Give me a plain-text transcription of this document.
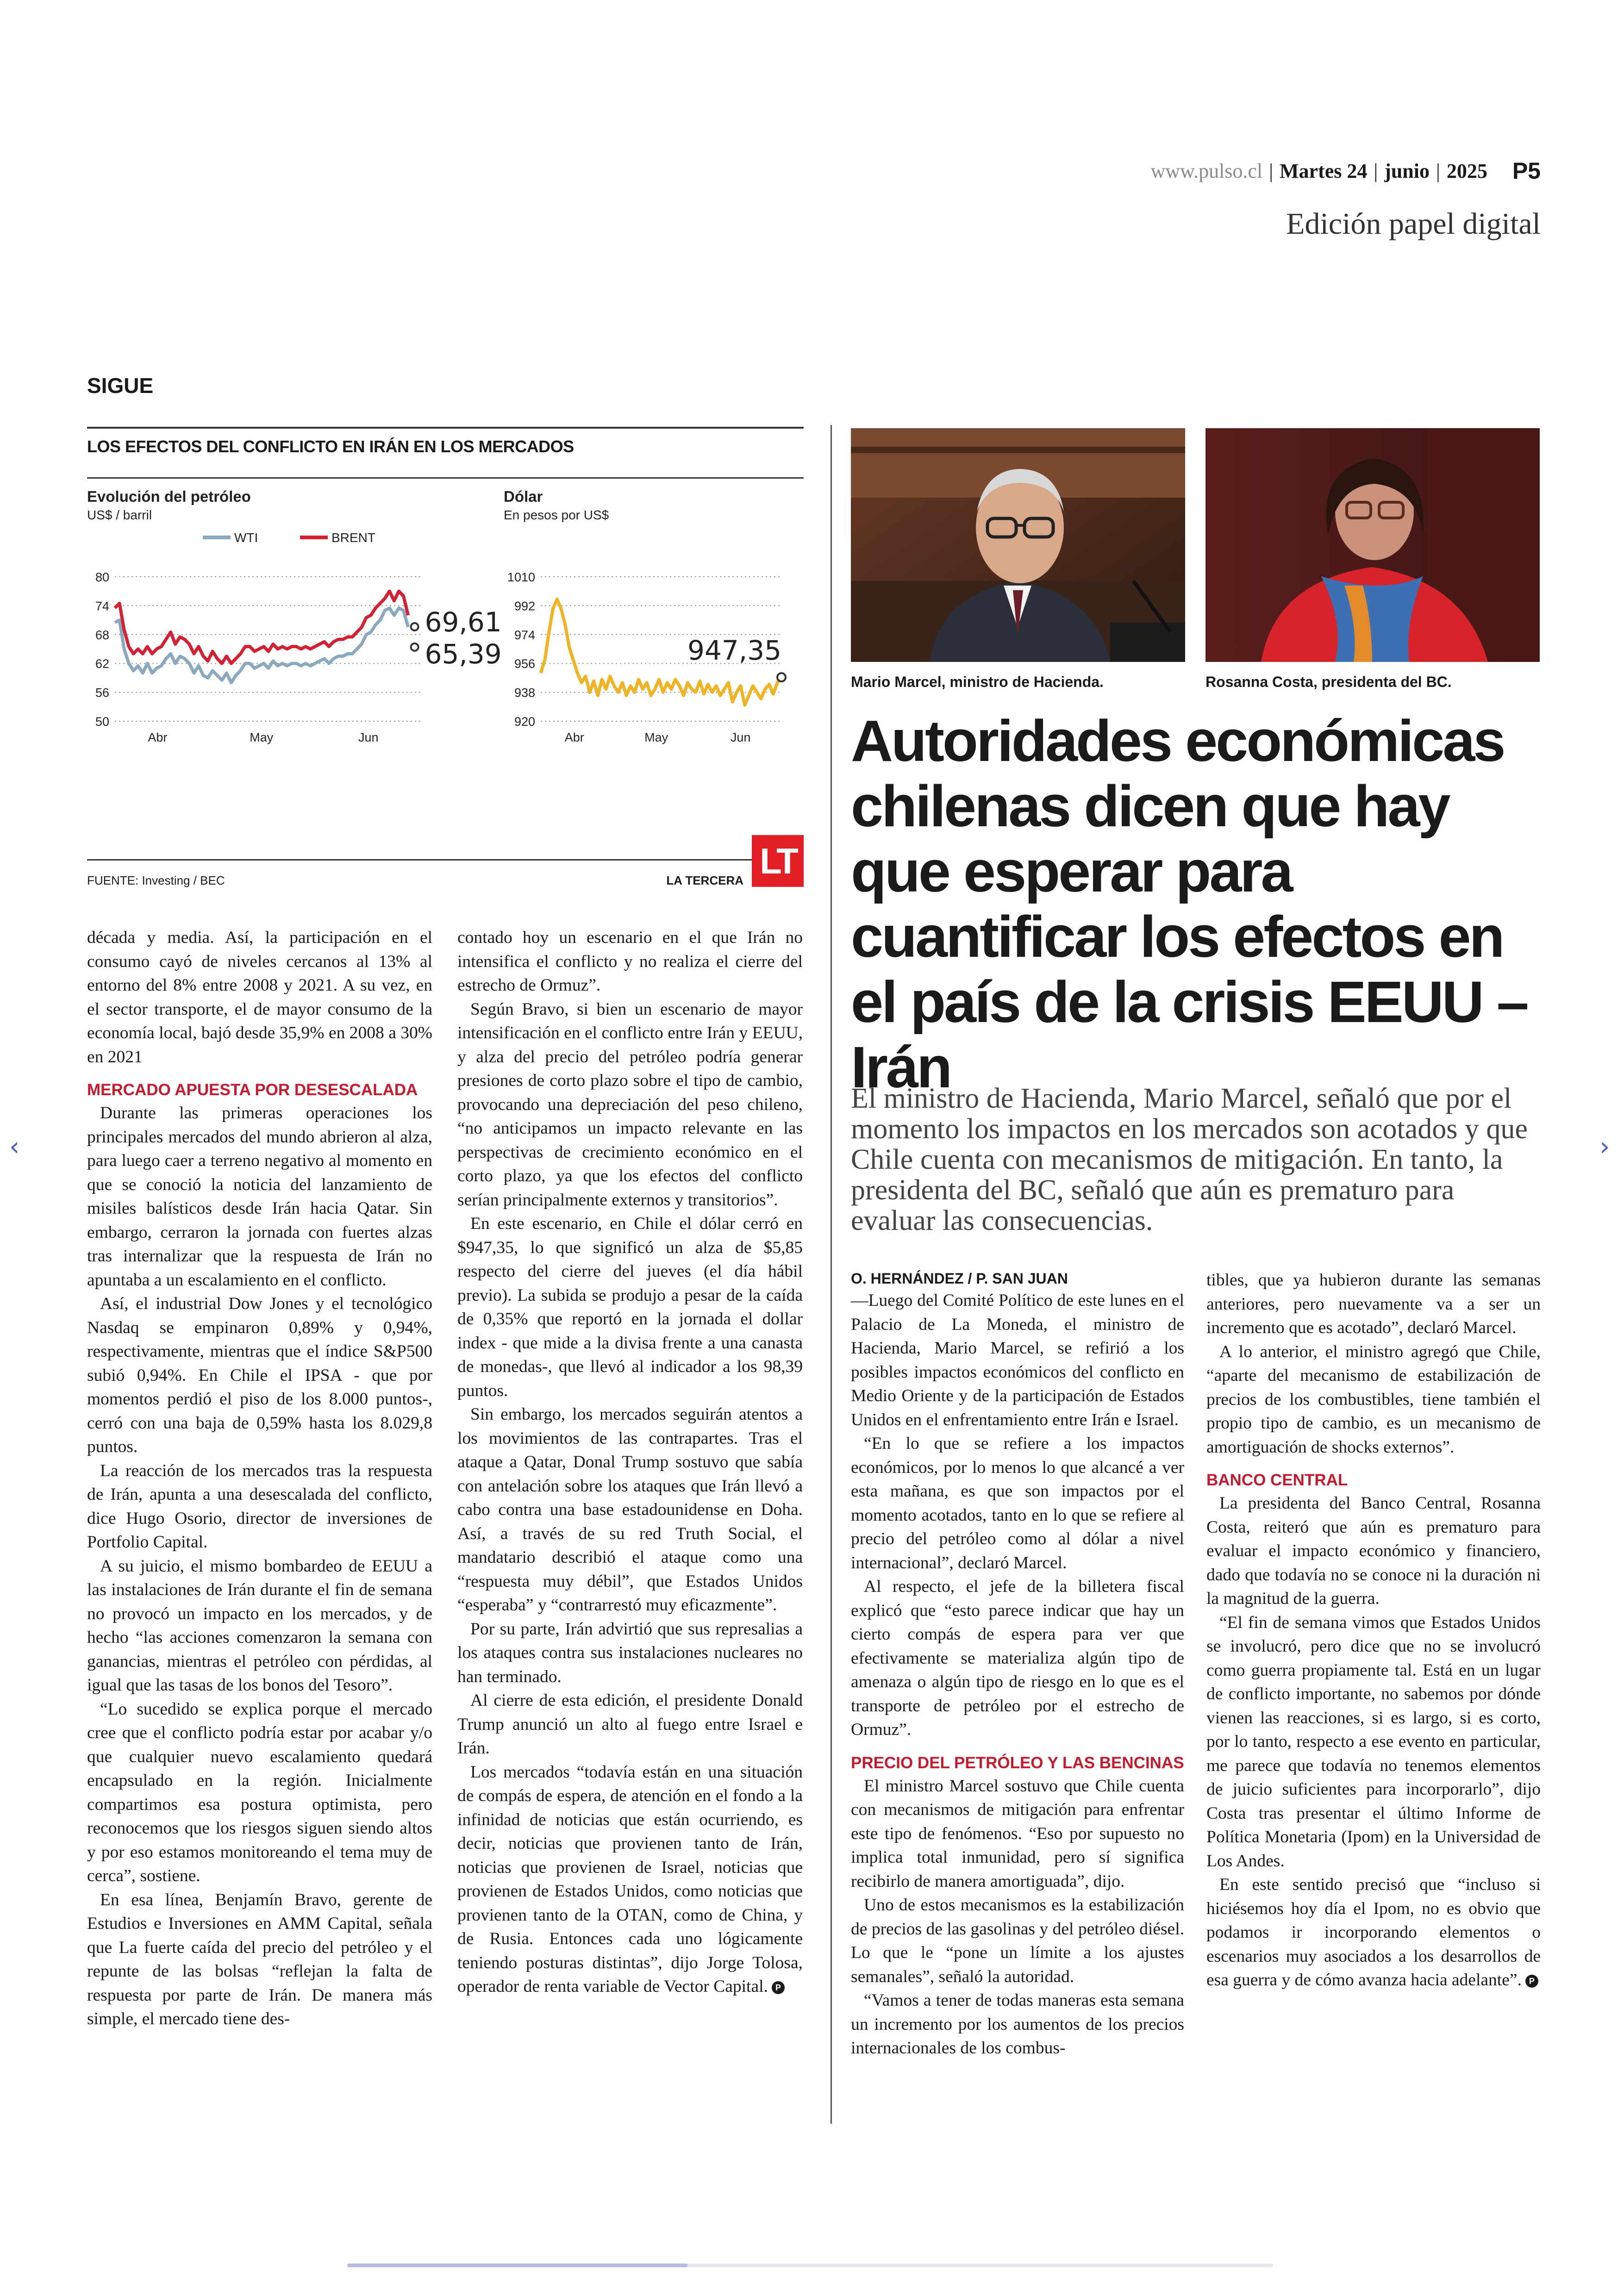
www.pulso.cl | Martes 24 | junio | 2025 P5
Edición papel digital
SIGUE
LOS EFECTOS DEL CONFLICTO EN IRÁN EN LOS MERCADOS
Evolución del petróleo
US$ / barril
50
56
62
68
74
80
Abr	May	Jun
65,39
69,61
WTI	BRENT
Dólar
En pesos por US$
920
938
956
974
992
1010
Abr	May	Jun
947,35
FUENTE: Investing / BEC	LA TERCERA LT

década y media. Así, la participación en el consumo cayó de niveles cercanos al 13% al entorno del 8% entre 2008 y 2021. A su vez, en el sector transporte, el de mayor consumo de la economía local, bajó desde 35,9% en 2008 a 30% en 2021

MERCADO APUESTA POR DESESCALADA

Durante las primeras operaciones los principales mercados del mundo abrieron al alza, para luego caer a terreno negativo al momento en que se conoció la noticia del lanzamiento de misiles balísticos desde Irán hacia Qatar. Sin embargo, cerraron la jornada con fuertes alzas tras internalizar que la respuesta de Irán no apuntaba a un escalamiento en el conflicto.

Así, el industrial Dow Jones y el tecnológico Nasdaq se empinaron 0,89% y 0,94%, respectivamente, mientras que el índice S&P500 subió 0,94%. En Chile el IPSA - que por momentos perdió el piso de los 8.000 puntos-, cerró con una baja de 0,59% hasta los 8.029,8 puntos.

La reacción de los mercados tras la respuesta de Irán, apunta a una desescalada del conflicto, dice Hugo Osorio, director de inversiones de Portfolio Capital.

A su juicio, el mismo bombardeo de EEUU a las instalaciones de Irán durante el fin de semana no provocó un impacto en los mercados, y de hecho “las acciones comenzaron la semana con ganancias, mientras el petróleo con pérdidas, al igual que las tasas de los bonos del Tesoro”.

“Lo sucedido se explica porque el mercado cree que el conflicto podría estar por acabar y/o que cualquier nuevo escalamiento quedará encapsulado en la región. Inicialmente compartimos esa postura optimista, pero reconocemos que los riesgos siguen siendo altos y por eso estamos monitoreando el tema muy de cerca”, sostiene.

En esa línea, Benjamín Bravo, gerente de Estudios e Inversiones en AMM Capital, señala que La fuerte caída del precio del petróleo y el repunte de las bolsas “reflejan la falta de respuesta por parte de Irán. De manera más simple, el mercado tiene des-

contado hoy un escenario en el que Irán no intensifica el conflicto y no realiza el cierre del estrecho de Ormuz”.

Según Bravo, si bien un escenario de mayor intensificación en el conflicto entre Irán y EEUU, y alza del precio del petróleo podría generar presiones de corto plazo sobre el tipo de cambio, provocando una depreciación del peso chileno, “no anticipamos un impacto relevante en las perspectivas de crecimiento económico en el corto plazo, ya que los efectos del conflicto serían principalmente externos y transitorios”.

En este escenario, en Chile el dólar cerró en $947,35, lo que significó un alza de $5,85 respecto del cierre del jueves (el día hábil previo). La subida se produjo a pesar de la caída de 0,35% que reportó en la jornada el dollar index - que mide a la divisa frente a una canasta de monedas-, que llevó al indicador a los 98,39 puntos.

Sin embargo, los mercados seguirán atentos a los movimientos de las contrapartes. Tras el ataque a Qatar, Donal Trump sostuvo que sabía con antelación sobre los ataques que Irán llevó a cabo contra una base estadounidense en Doha. Así, a través de su red Truth Social, el mandatario describió el ataque como una “respuesta muy débil”, que Estados Unidos “esperaba” y “contrarrestó muy eficazmente”.

Por su parte, Irán advirtió que sus represalias a los ataques contra sus instalaciones nucleares no han terminado.

Al cierre de esta edición, el presidente Donald Trump anunció un alto al fuego entre Israel e Irán.

Los mercados “todavía están en una situación de compás de espera, de atención en el fondo a la infinidad de noticias que están ocurriendo, es decir, noticias que provienen tanto de Irán, noticias que provienen de Israel, noticias que provienen de Estados Unidos, como noticias que provienen tanto de la OTAN, como de China, y de Rusia. Entonces cada uno lógicamente teniendo posturas distintas”, dijo Jorge Tolosa, operador de renta variable de Vector Capital. P

Mario Marcel, ministro de Hacienda.	Rosanna Costa, presidenta del BC.
Autoridades económicas chilenas dicen que hay que esperar para cuantificar los efectos en el país de la crisis EEUU – Irán
El ministro de Hacienda, Mario Marcel, señaló que por el momento los impactos en los mercados son acotados y que Chile cuenta con mecanismos de mitigación. En tanto, la presidenta del BC, señaló que aún es prematuro para evaluar las consecuencias.
O. HERNÁNDEZ / P. SAN JUAN

—Luego del Comité Político de este lunes en el Palacio de La Moneda, el ministro de Hacienda, Mario Marcel, se refirió a los posibles impactos económicos del conflicto en Medio Oriente y de la participación de Estados Unidos en el enfrentamiento entre Irán e Israel.

“En lo que se refiere a los impactos económicos, por lo menos lo que alcancé a ver esta mañana, es que son impactos por el momento acotados, tanto en lo que se refiere al precio del petróleo como al dólar a nivel internacional”, declaró Marcel.

Al respecto, el jefe de la billetera fiscal explicó que “esto parece indicar que hay un cierto compás de espera para ver que efectivamente se materializa algún tipo de amenaza o algún tipo de riesgo en lo que es el transporte de petróleo por el estrecho de Ormuz”.

PRECIO DEL PETRÓLEO Y LAS BENCINAS

El ministro Marcel sostuvo que Chile cuenta con mecanismos de mitigación para enfrentar este tipo de fenómenos. “Eso por supuesto no implica total inmunidad, pero sí significa recibirlo de manera amortiguada”, dijo.

Uno de estos mecanismos es la estabilización de precios de las gasolinas y del petróleo diésel. Lo que le “pone un límite a los ajustes semanales”, señaló la autoridad.

“Vamos a tener de todas maneras esta semana un incremento por los aumentos de los precios internacionales de los combus-

tibles, que ya hubieron durante las semanas anteriores, pero nuevamente va a ser un incremento que es acotado”, declaró Marcel.

A lo anterior, el ministro agregó que Chile, “aparte del mecanismo de estabilización de precios de los combustibles, tiene también el propio tipo de cambio, es un mecanismo de amortiguación de shocks externos”.

BANCO CENTRAL

La presidenta del Banco Central, Rosanna Costa, reiteró que aún es prematuro para evaluar el impacto económico y financiero, dado que todavía no se conoce ni la duración ni la magnitud de la guerra.

“El fin de semana vimos que Estados Unidos se involucró, pero dice que no se involucró como guerra propiamente tal. Está en un lugar de conflicto importante, no sabemos por dónde vienen las reacciones, si es largo, si es corto, por lo tanto, respecto a ese evento en particular, me parece que todavía no tenemos elementos de juicio suficientes para incorporarlo”, dijo Costa tras presentar el último Informe de Política Monetaria (Ipom) en la Universidad de Los Andes.

En este sentido precisó que “incluso si hiciésemos hoy día el Ipom, no es obvio que podamos ir incorporando elementos o escenarios muy asociados a los desarrollos de esa guerra y de cómo avanza hacia adelante”. P

‹	›
